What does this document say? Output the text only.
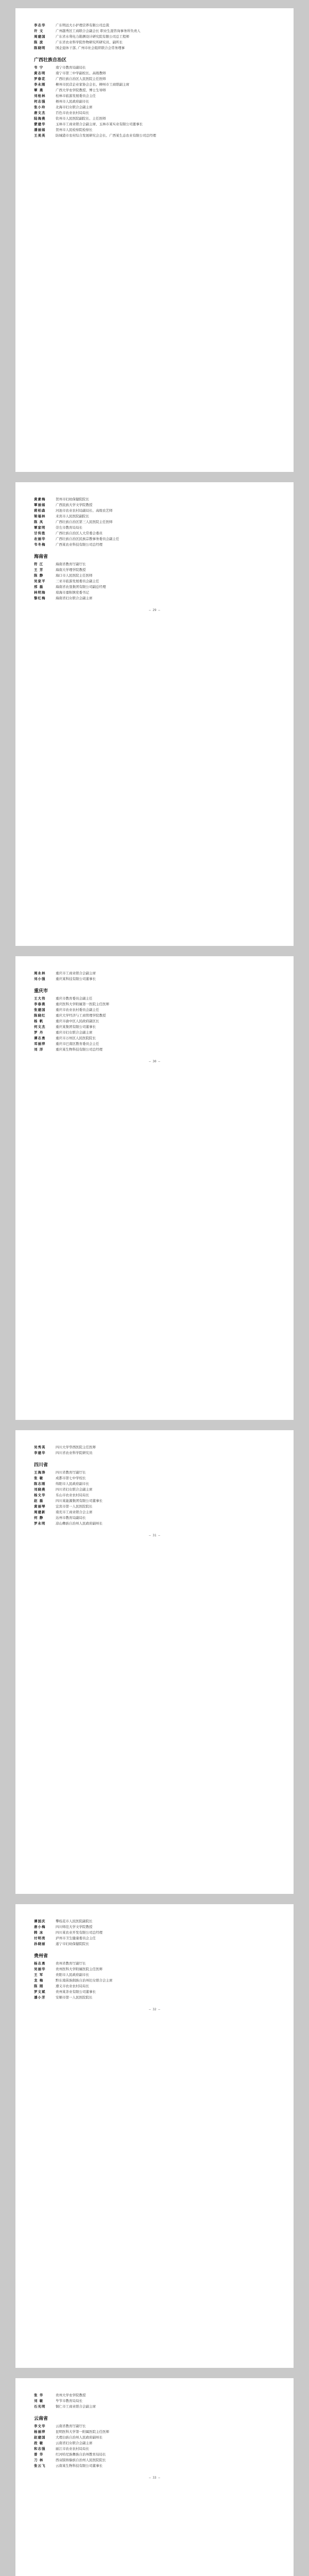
李志华	广东明远大小护理营养有限公司总裁
许 文	广州越秀区工商联合会副会长 职业生涯咨询事务所负责人
周建国	广东省水利电力勘测设计研究院有限公司总工程师
陈 波	广东省农业科学院作物研究所研究员、副所长
陈晓明	国企退休干部, 广州市社会组织联合会常务理事
广西壮族自治区
韦 宁	南宁市教育局副局长
黄志明	南宁市第三中学副校长、高级教师
罗春花	广西壮族自治区人民医院主任医师
李永刚	柳州市民营企业家协会会长、柳州市工商联副主席
覃 燕	广西大学农学院教授、博士生导师
刘桂林	桂林市旅游发展委员会主任
何志强	梧州市人民政府副市长
张小玲	北海市妇女联合会副主席
唐文杰	百色市农业农村局局长
陆海燕	钦州市人民医院副院长、主任医师
蒙建华	玉林市工商业联合会副主席、玉林市某实业有限公司董事长
潘丽娟	贺州市人民检察院检察长
王美英	防城港市农村综合发展研究会会长、广西某生态农业有限公司总经理
黄素梅	贺州市妇幼保健院院长
覃丽娟	广西民族大学文学院教授
蒋柏森	河池市农业农村局副局长、高级农艺师
梁福林	来宾市人民医院副院长
陈 凤	广西壮族自治区第三人民医院主任医师
覃家明	崇左市教育局局长
甘传胜	广西壮族自治区人大常委会委员
农丽华	广西壮族自治区民族宗教事务委员会副主任
韦冬梅	广西某农业科技有限公司总经理
海南省
符 江	海南省教育厅副厅长
王 芳	海南大学理学院教授
陈 静	海口市人民医院主任医师
吴家平	三亚市旅游发展委员会副主任
邢 磊	海南省农垦集团有限公司副总经理
林明海	琼海市嘉积镇党委书记
黎红梅	海南省妇女联合会副主席
— 29 —
周永林	重庆市工商业联合会副主席
刘小强	重庆某科技有限公司董事长
重庆市
王大伟	重庆市教育委员会副主任
李春燕	重庆医科大学附属第一医院主任医师
张建国	重庆市农业农村委员会副主任
陈晓红	重庆大学经济与工商管理学院教授
杨 帆	重庆市渝中区人民政府副区长
何文杰	重庆某集团有限公司董事长
罗 丹	重庆市妇女联合会副主席
谭志勇	重庆市万州区人民医院院长
邓丽萍	重庆市巴南区教育委员会主任
刘 洋	重庆某生物科技有限公司总经理
— 30 —
吴秀英	四川大学华西医院主任医师
李建华	四川省农业科学院研究员
四川省
王海涛	四川省教育厅副厅长
张 敏	成都市第七中学校长
陈志刚	绵阳市人民政府副市长
刘晓燕	四川省妇女联合会副主席
杨文华	乐山市农业农村局局长
赵 磊	四川某能源集团有限公司董事长
黄丽琴	宜宾市第一人民医院院长
周建新	南充市工商业联合会主席
何 静	达州市教育局副局长
罗永明	凉山彝族自治州人民政府副州长
— 31 —
谭国庆	攀枝花市人民医院副院长
唐小梅	四川师范大学文学院教授
韩 冰	四川某农业开发有限公司总经理
付明亮	泸州市卫生健康委员会主任
孙晓丽	遂宁市妇幼保健院院长
贵州省
杨志勇	贵州省教育厅副厅长
吴丽华	贵州医科大学附属医院主任医师
王 军	贵阳市人民政府副市长
龙 梅	黔东南苗族侗族自治州妇女联合会主席
陈 刚	遵义市农业农村局局长
罗文斌	贵州某茶业有限公司董事长
潘小芳	安顺市第一人民医院院长
— 32 —
张 华	贵州大学农学院教授
刘 敏	毕节市教育局局长
石光明	铜仁市工商业联合会副主席
云南省
李文华	云南省教育厅副厅长
杨丽萍	昆明医科大学第一附属医院主任医师
赵建国	大理白族自治州人民政府副州长
段 敏	云南省妇女联合会副主席
和志强	丽江市农业农村局局长
普 华	红河哈尼族彝族自治州教育局局长
刀 林	西双版纳傣族自治州人民医院院长
张云飞	云南某生物科技有限公司董事长
— 33 —
